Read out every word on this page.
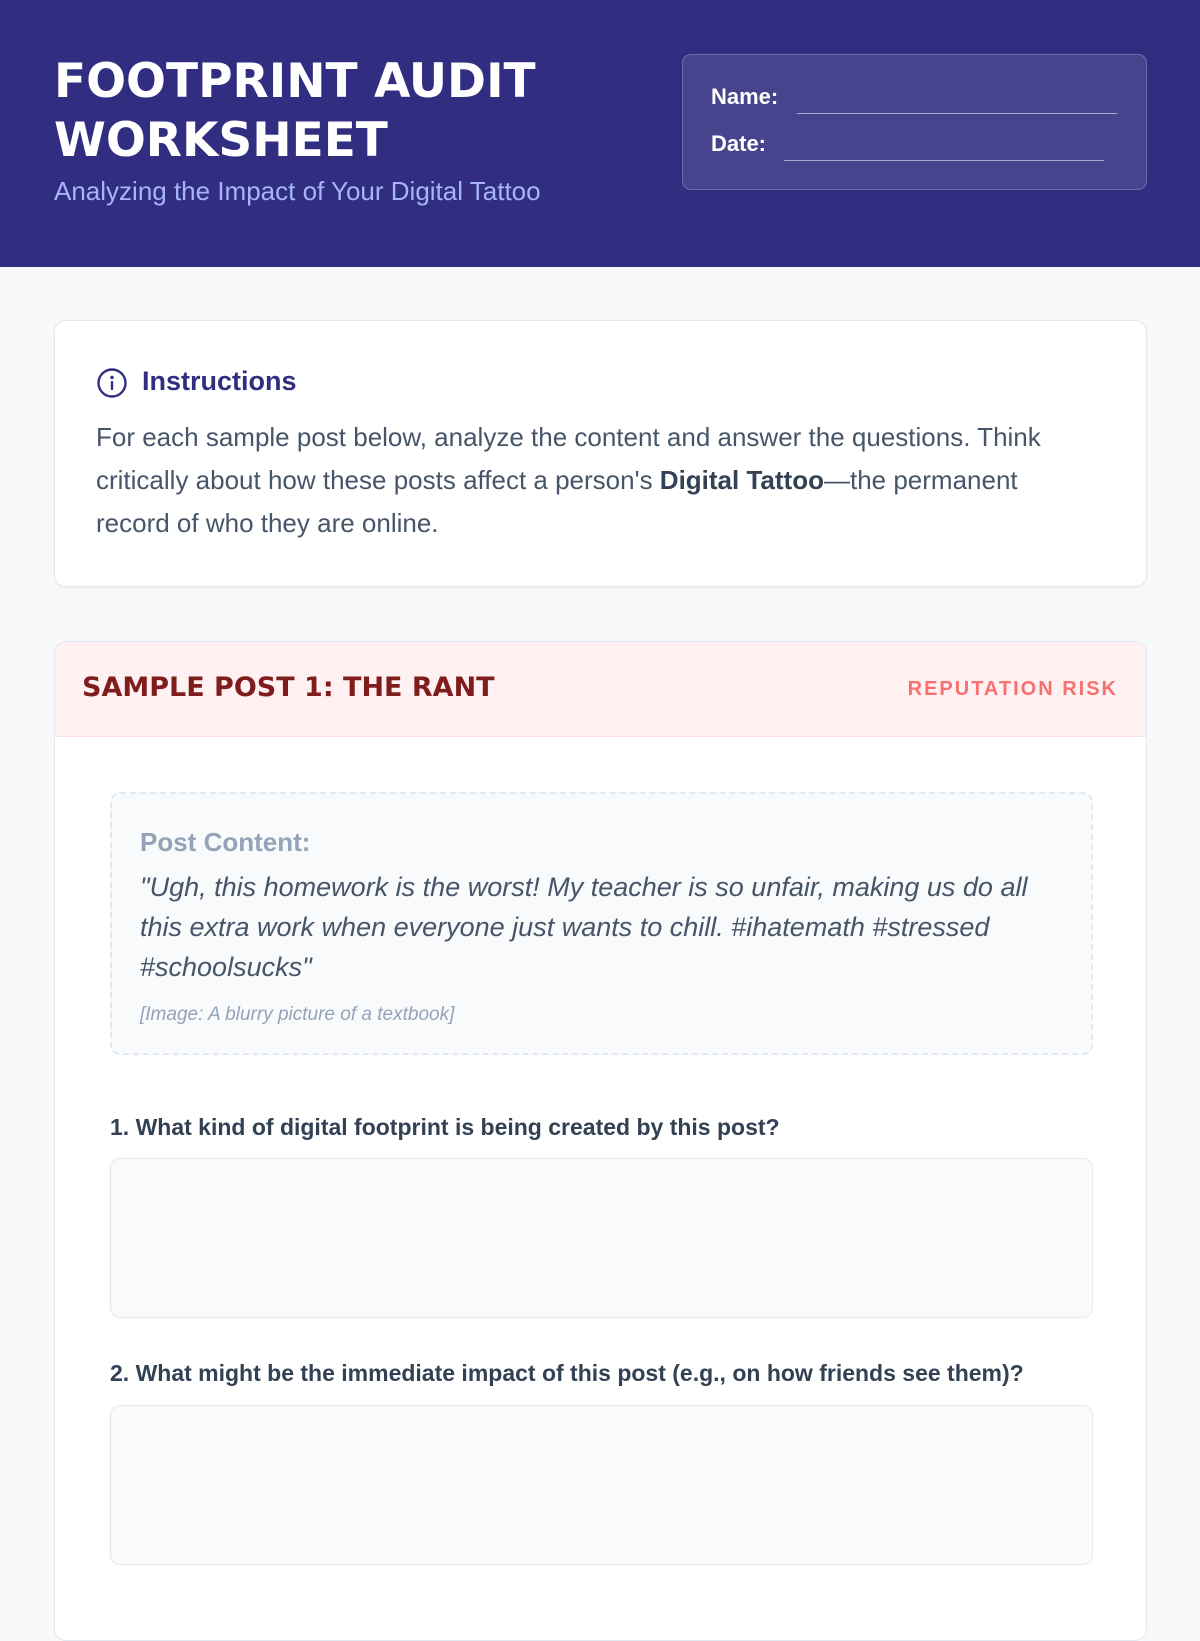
FOOTPRINT AUDIT WORKSHEET
Analyzing the Impact of Your Digital Tattoo
Name:
Date:
Instructions
For each sample post below, analyze the content and answer the questions. Think critically about how these posts affect a person's Digital Tattoo—the permanent record of who they are online.
SAMPLE POST 1: THE RANT	REPUTATION RISK
Post Content:
"Ugh, this homework is the worst! My teacher is so unfair, making us do all this extra work when everyone just wants to chill. #ihatemath #stressed #schoolsucks"
[Image: A blurry picture of a textbook]
1. What kind of digital footprint is being created by this post?
2. What might be the immediate impact of this post (e.g., on how friends see them)?
